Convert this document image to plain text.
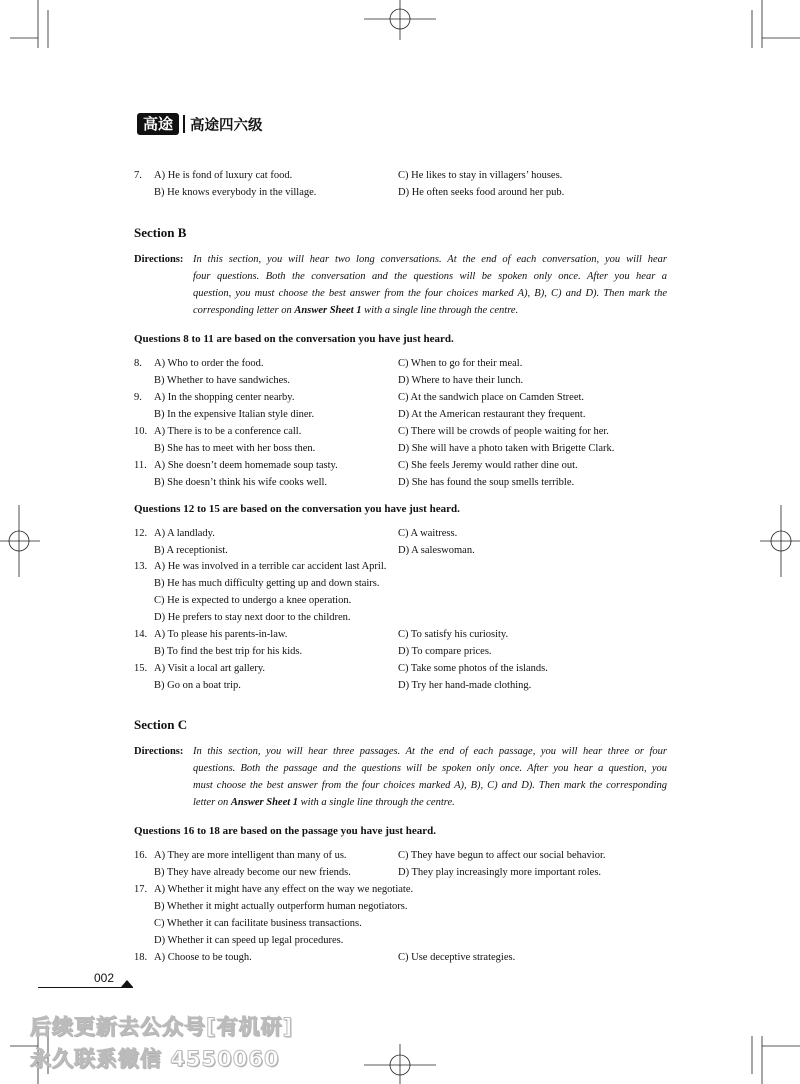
高途	高途四六级
7. A) He is fond of luxury cat food.	C) He likes to stay in villagers’ houses.
B) He knows everybody in the village.	D) He often seeks food around her pub.
Section B
Directions: In this section, you will hear two long conversations. At the end of each conversation, you will hear
four questions. Both the conversation and the questions will be spoken only once. After you hear a
question, you must choose the best answer from the four choices marked A), B), C) and D). Then mark the
corresponding letter on Answer Sheet 1 with a single line through the centre.
Questions 8 to 11 are based on the conversation you have just heard.
8. A) Who to order the food.	C) When to go for their meal.
B) Whether to have sandwiches.	D) Where to have their lunch.
9. A) In the shopping center nearby.	C) At the sandwich place on Camden Street.
B) In the expensive Italian style diner.	D) At the American restaurant they frequent.
10. A) There is to be a conference call.	C) There will be crowds of people waiting for her.
B) She has to meet with her boss then.	D) She will have a photo taken with Brigette Clark.
11. A) She doesn’t deem homemade soup tasty.	C) She feels Jeremy would rather dine out.
B) She doesn’t think his wife cooks well.	D) She has found the soup smells terrible.
Questions 12 to 15 are based on the conversation you have just heard.
12. A) A landlady.	C) A waitress.
B) A receptionist.	D) A saleswoman.
13. A) He was involved in a terrible car accident last April.
B) He has much difficulty getting up and down stairs.
C) He is expected to undergo a knee operation.
D) He prefers to stay next door to the children.
14. A) To please his parents-in-law.	C) To satisfy his curiosity.
B) To find the best trip for his kids.	D) To compare prices.
15. A) Visit a local art gallery.	C) Take some photos of the islands.
B) Go on a boat trip.	D) Try her hand-made clothing.
Section C
Directions: In this section, you will hear three passages. At the end of each passage, you will hear three or four
questions. Both the passage and the questions will be spoken only once. After you hear a question, you
must choose the best answer from the four choices marked A), B), C) and D). Then mark the corresponding
letter on Answer Sheet 1 with a single line through the centre.
Questions 16 to 18 are based on the passage you have just heard.
16. A) They are more intelligent than many of us.	C) They have begun to affect our social behavior.
B) They have already become our new friends.	D) They play increasingly more important roles.
17. A) Whether it might have any effect on the way we negotiate.
B) Whether it might actually outperform human negotiators.
C) Whether it can facilitate business transactions.
D) Whether it can speed up legal procedures.
18. A) Choose to be tough.	C) Use deceptive strategies.
002
后续更新去公众号[有机研]
永久联系微信 4550060
